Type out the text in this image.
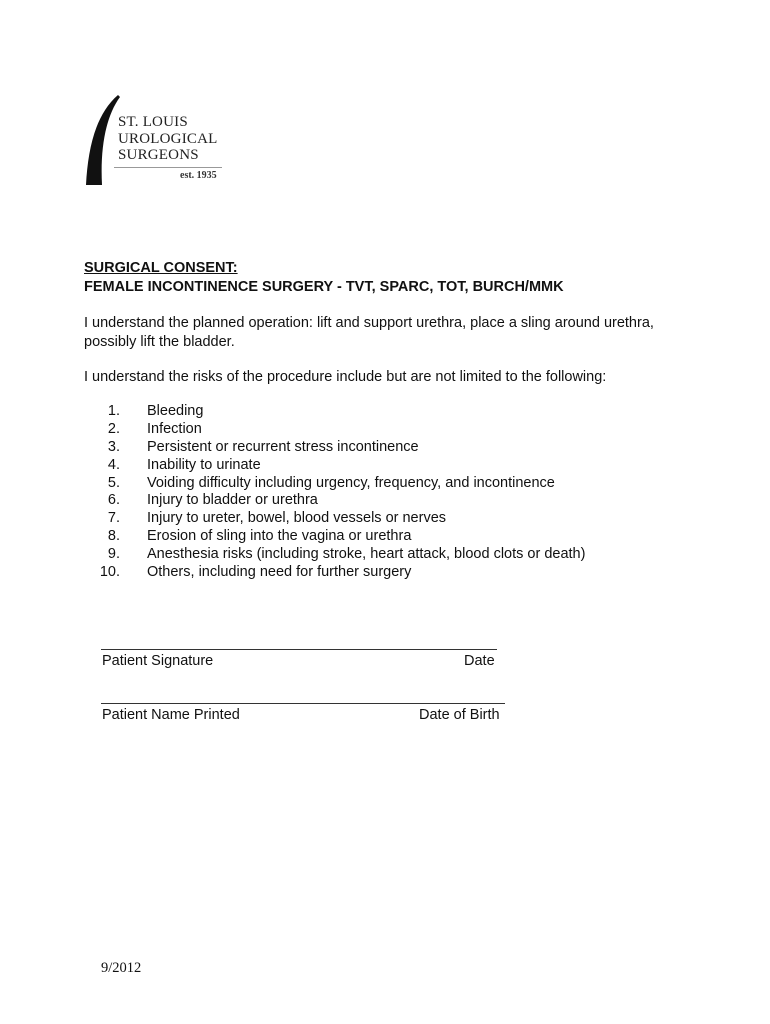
ST. LOUIS
UROLOGICAL
SURGEONS
est. 1935
SURGICAL CONSENT:
FEMALE INCONTINENCE SURGERY - TVT, SPARC, TOT, BURCH/MMK
I understand the planned operation: lift and support urethra, place a sling around urethra, possibly lift the bladder.
I understand the risks of the procedure include but are not limited to the following:
1. Bleeding
2. Infection
3. Persistent or recurrent stress incontinence
4. Inability to urinate
5. Voiding difficulty including urgency, frequency, and incontinence
6. Injury to bladder or urethra
7. Injury to ureter, bowel, blood vessels or nerves
8. Erosion of sling into the vagina or urethra
9. Anesthesia risks (including stroke, heart attack, blood clots or death)
10. Others, including need for further surgery
Patient Signature	Date
Patient Name Printed	Date of Birth
9/2012
